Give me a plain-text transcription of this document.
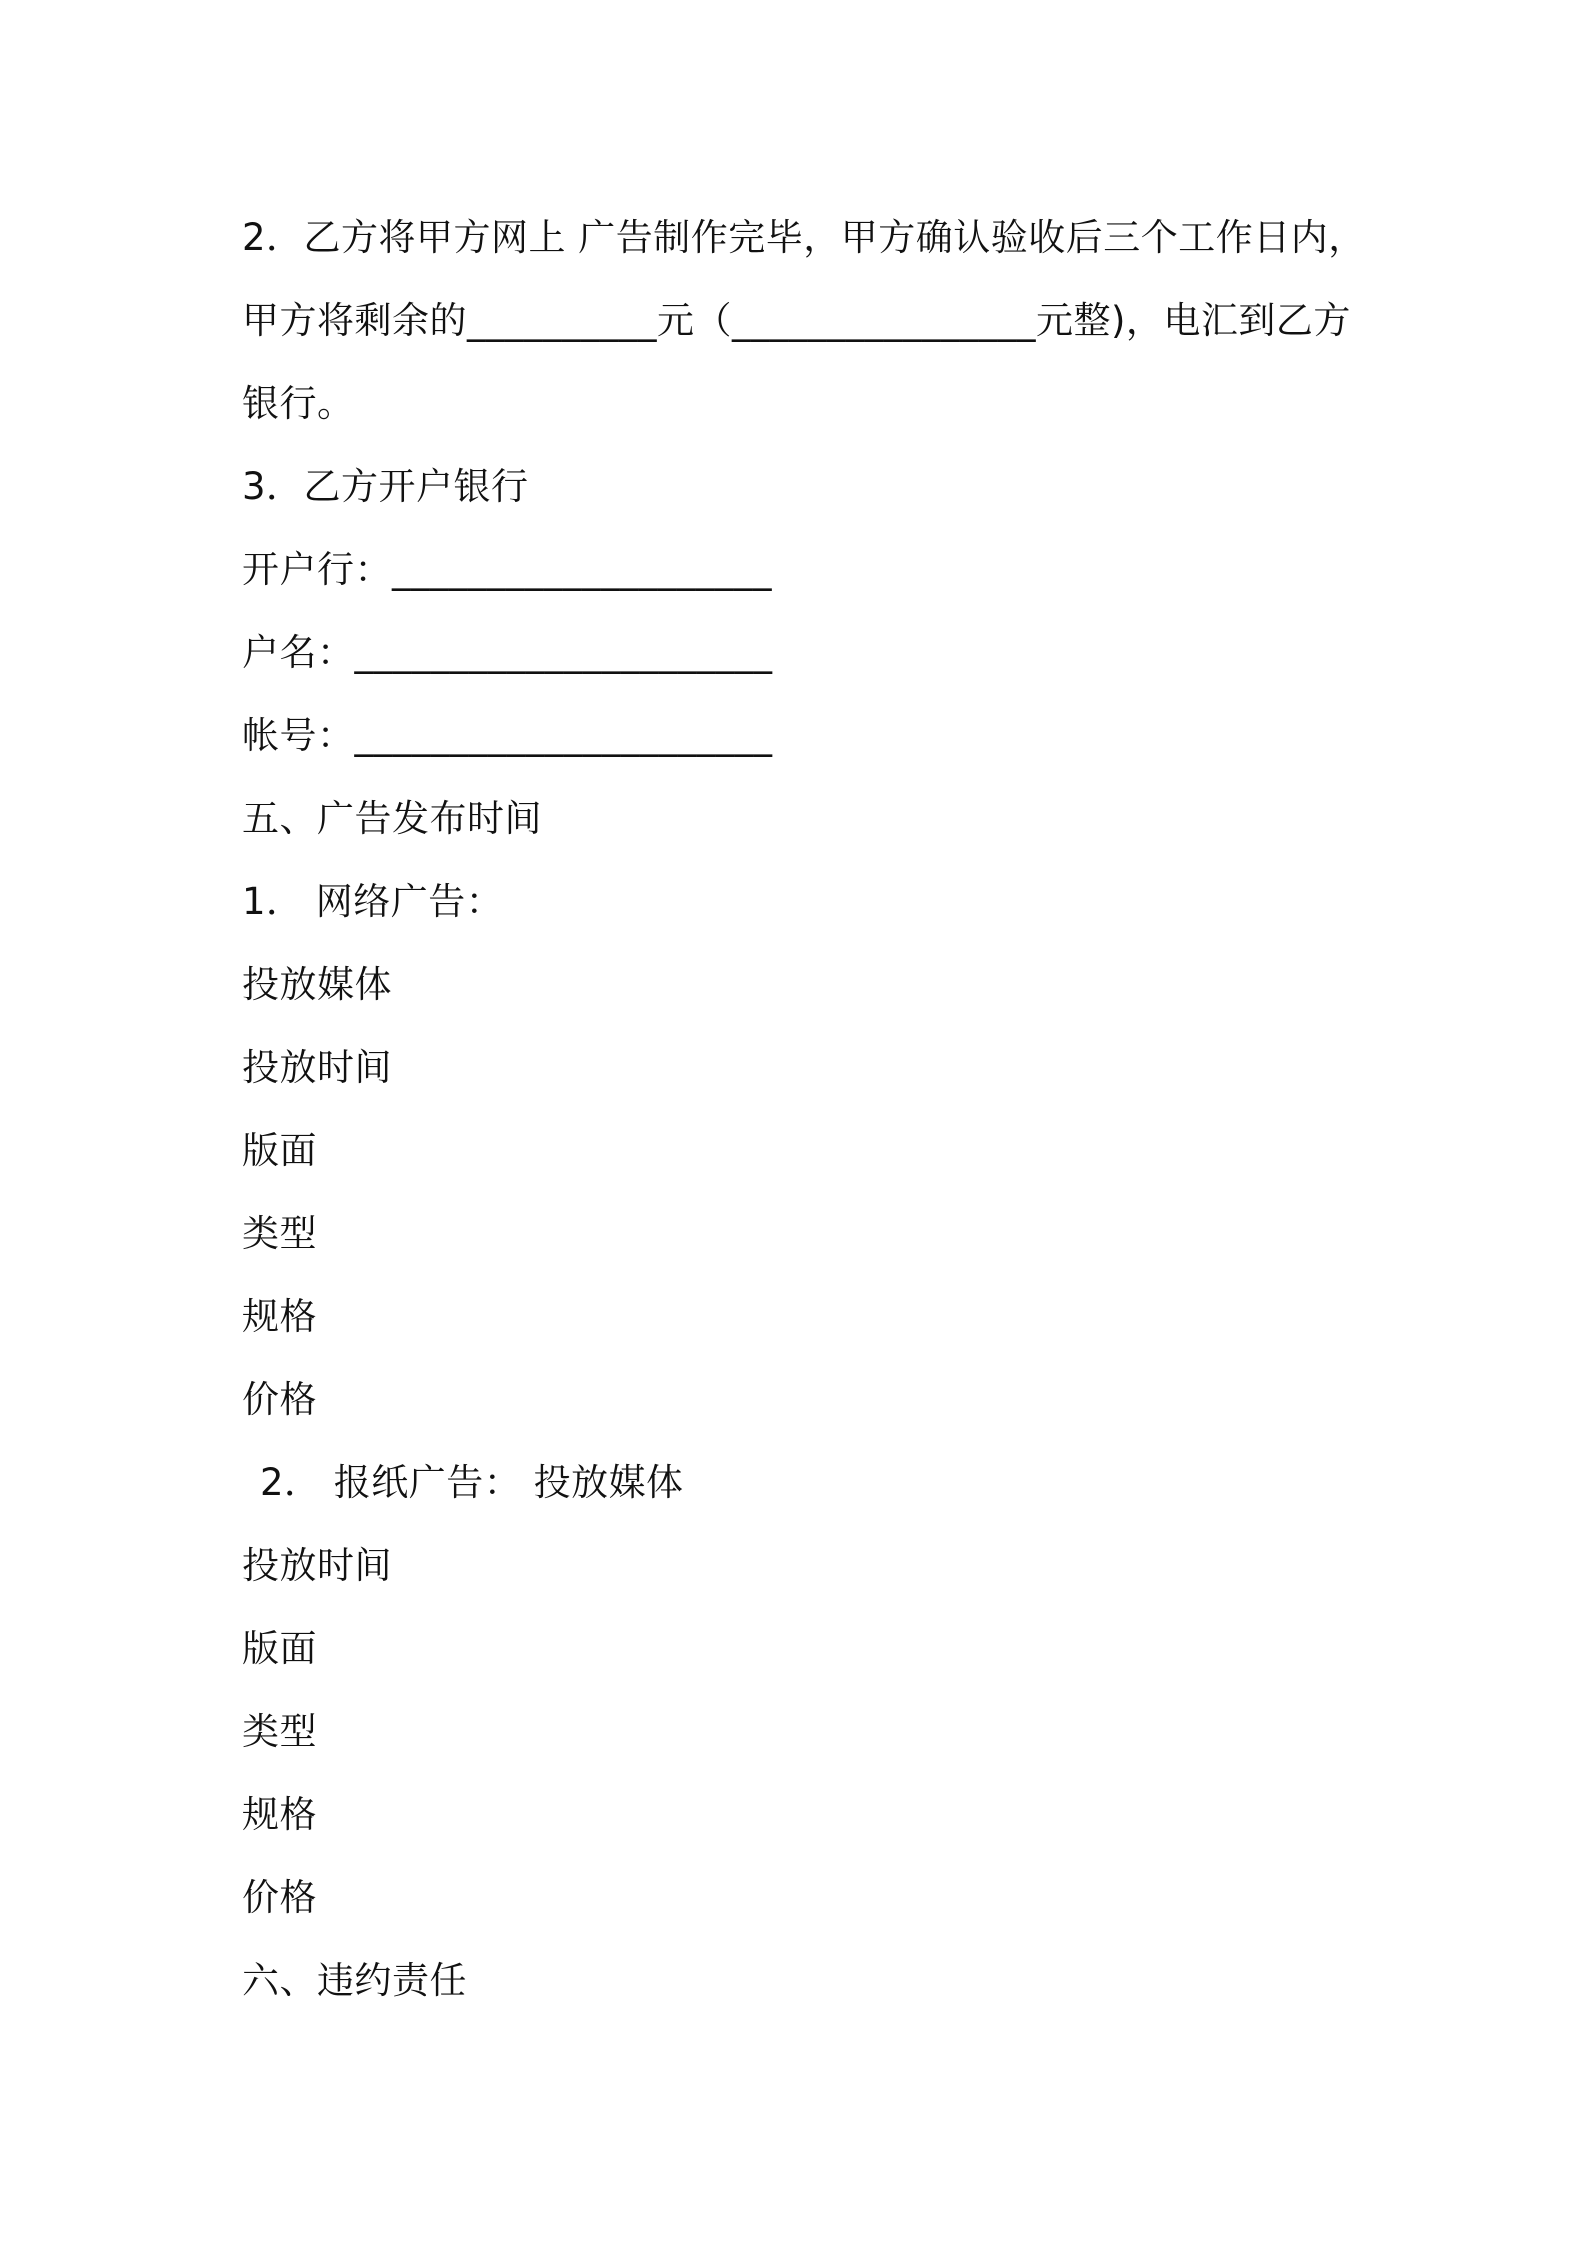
2．乙方将甲方网上 广告制作完毕，甲方确认验收后三个工作日内，
甲方将剩余的__________元（________________元整)，电汇到乙方
银行。
3．乙方开户银行
开户行：____________________
户名：______________________
帐号：______________________
五、广告发布时间
1． 网络广告：
投放媒体
投放时间
版面
类型
规格
价格
2． 报纸广告： 投放媒体
投放时间
版面
类型
规格
价格
六、违约责任
